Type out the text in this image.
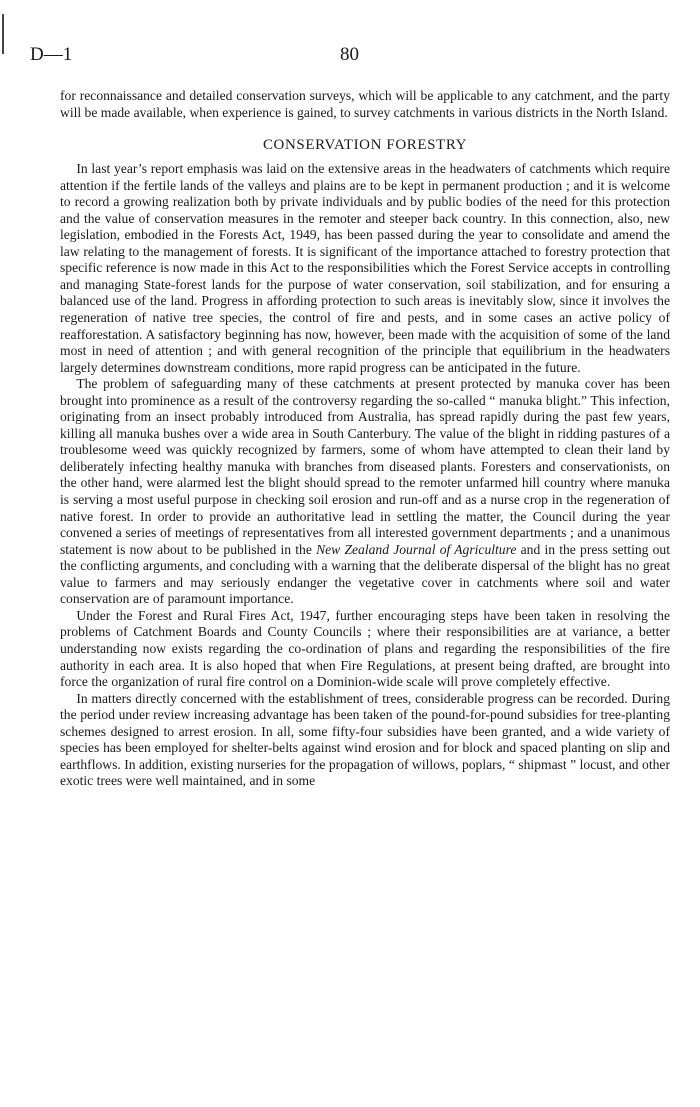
D—1	80

for reconnaissance and detailed conservation surveys, which will be applicable to any catchment, and the party will be made available, when experience is gained, to survey catchments in various districts in the North Island.

CONSERVATION FORESTRY

In last year’s report emphasis was laid on the extensive areas in the headwaters of catchments which require attention if the fertile lands of the valleys and plains are to be kept in permanent production ; and it is welcome to record a growing realization both by private individuals and by public bodies of the need for this protection and the value of conservation measures in the remoter and steeper back country. In this connection, also, new legislation, embodied in the Forests Act, 1949, has been passed during the year to consolidate and amend the law relating to the management of forests. It is significant of the importance attached to forestry protection that specific reference is now made in this Act to the responsibilities which the Forest Service accepts in controlling and managing State-forest lands for the purpose of water conservation, soil stabilization, and for ensuring a balanced use of the land. Progress in affording protection to such areas is inevitably slow, since it involves the regeneration of native tree species, the control of fire and pests, and in some cases an active policy of reafforestation. A satisfactory beginning has now, however, been made with the acquisition of some of the land most in need of attention ; and with general recognition of the principle that equilibrium in the headwaters largely determines downstream conditions, more rapid progress can be anticipated in the future.

The problem of safeguarding many of these catchments at present protected by manuka cover has been brought into prominence as a result of the controversy regarding the so-called “ manuka blight.” This infection, originating from an insect probably introduced from Australia, has spread rapidly during the past few years, killing all manuka bushes over a wide area in South Canterbury. The value of the blight in ridding pastures of a troublesome weed was quickly recognized by farmers, some of whom have attempted to clean their land by deliberately infecting healthy manuka with branches from diseased plants. Foresters and conservationists, on the other hand, were alarmed lest the blight should spread to the remoter unfarmed hill country where manuka is serving a most useful purpose in checking soil erosion and run-off and as a nurse crop in the regeneration of native forest. In order to provide an authoritative lead in settling the matter, the Council during the year convened a series of meetings of representatives from all interested government departments ; and a unanimous statement is now about to be published in the New Zealand Journal of Agriculture and in the press setting out the conflicting arguments, and concluding with a warning that the deliberate dispersal of the blight has no great value to farmers and may seriously endanger the vegetative cover in catchments where soil and water conservation are of paramount importance.

Under the Forest and Rural Fires Act, 1947, further encouraging steps have been taken in resolving the problems of Catchment Boards and County Councils ; where their responsibilities are at variance, a better understanding now exists regarding the co-ordination of plans and regarding the responsibilities of the fire authority in each area. It is also hoped that when Fire Regulations, at present being drafted, are brought into force the organization of rural fire control on a Dominion-wide scale will prove completely effective.

In matters directly concerned with the establishment of trees, considerable progress can be recorded. During the period under review increasing advantage has been taken of the pound-for-pound subsidies for tree-planting schemes designed to arrest erosion. In all, some fifty-four subsidies have been granted, and a wide variety of species has been employed for shelter-belts against wind erosion and for block and spaced planting on slip and earthflows. In addition, existing nurseries for the propagation of willows, poplars, “ shipmast ” locust, and other exotic trees were well maintained, and in some
